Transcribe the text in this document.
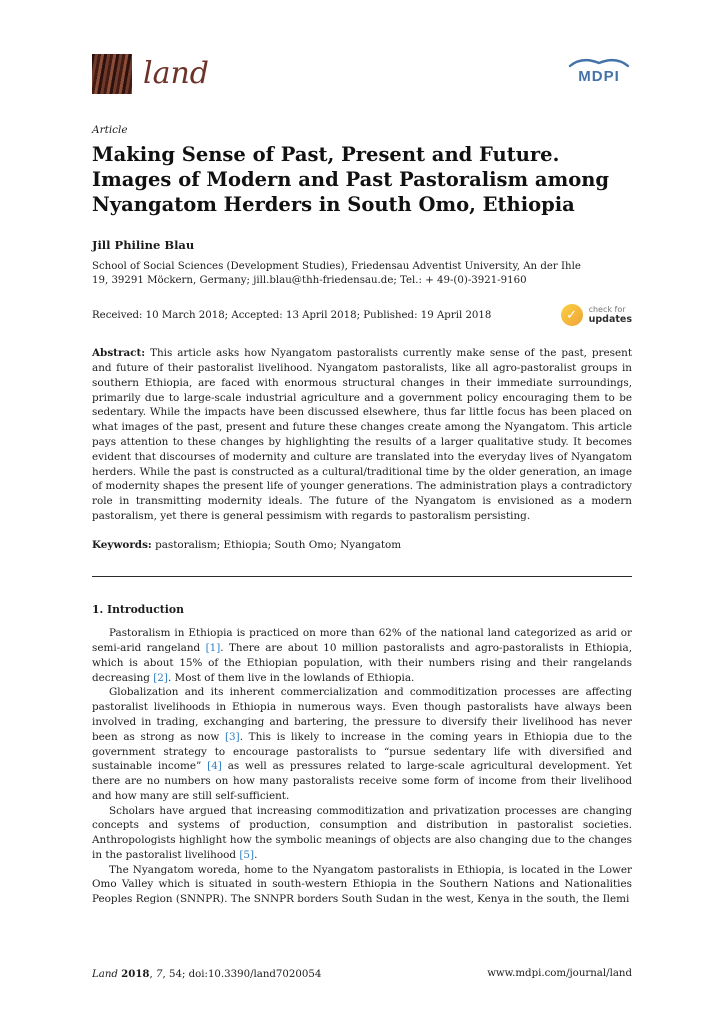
land	MDPI
Article
Making Sense of Past, Present and Future. Images of Modern and Past Pastoralism among Nyangatom Herders in South Omo, Ethiopia
Jill Philine Blau
School of Social Sciences (Development Studies), Friedensau Adventist University, An der Ihle 19, 39291 Möckern, Germany; jill.blau@thh-friedensau.de; Tel.: + 49-(0)-3921-9160
Received: 10 March 2018; Accepted: 13 April 2018; Published: 19 April 2018	✓	check for
updates
Abstract: This article asks how Nyangatom pastoralists currently make sense of the past, present and future of their pastoralist livelihood. Nyangatom pastoralists, like all agro-pastoralist groups in southern Ethiopia, are faced with enormous structural changes in their immediate surroundings, primarily due to large-scale industrial agriculture and a government policy encouraging them to be sedentary. While the impacts have been discussed elsewhere, thus far little focus has been placed on what images of the past, present and future these changes create among the Nyangatom. This article pays attention to these changes by highlighting the results of a larger qualitative study. It becomes evident that discourses of modernity and culture are translated into the everyday lives of Nyangatom herders. While the past is constructed as a cultural/traditional time by the older generation, an image of modernity shapes the present life of younger generations. The administration plays a contradictory role in transmitting modernity ideals. The future of the Nyangatom is envisioned as a modern pastoralism, yet there is general pessimism with regards to pastoralism persisting.
Keywords: pastoralism; Ethiopia; South Omo; Nyangatom
1. Introduction

Pastoralism in Ethiopia is practiced on more than 62% of the national land categorized as arid or semi-arid rangeland [1]. There are about 10 million pastoralists and agro-pastoralists in Ethiopia, which is about 15% of the Ethiopian population, with their numbers rising and their rangelands decreasing [2]. Most of them live in the lowlands of Ethiopia.

Globalization and its inherent commercialization and commoditization processes are affecting pastoralist livelihoods in Ethiopia in numerous ways. Even though pastoralists have always been involved in trading, exchanging and bartering, the pressure to diversify their livelihood has never been as strong as now [3]. This is likely to increase in the coming years in Ethiopia due to the government strategy to encourage pastoralists to “pursue sedentary life with diversified and sustainable income” [4] as well as pressures related to large-scale agricultural development. Yet there are no numbers on how many pastoralists receive some form of income from their livelihood and how many are still self-sufficient.

Scholars have argued that increasing commoditization and privatization processes are changing concepts and systems of production, consumption and distribution in pastoralist societies. Anthropologists highlight how the symbolic meanings of objects are also changing due to the changes in the pastoralist livelihood [5].

The Nyangatom woreda, home to the Nyangatom pastoralists in Ethiopia, is located in the Lower Omo Valley which is situated in south-western Ethiopia in the Southern Nations and Nationalities Peoples Region (SNNPR). The SNNPR borders South Sudan in the west, Kenya in the south, the Ilemi

Land 2018, 7, 54; doi:10.3390/land7020054	www.mdpi.com/journal/land
